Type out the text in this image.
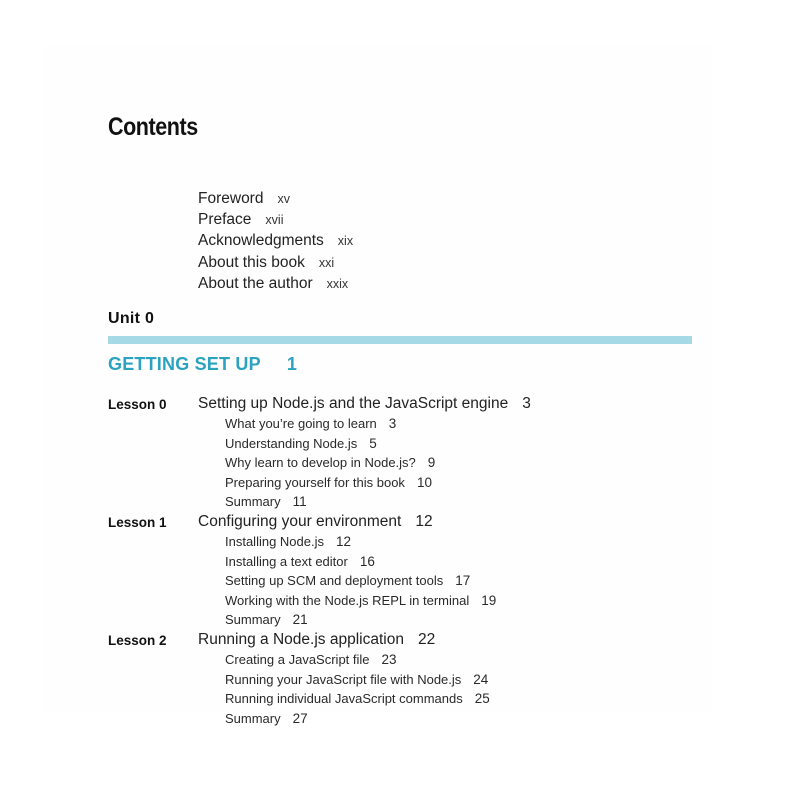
Contents
Foreword xv
Preface xvii
Acknowledgments xix
About this book xxi
About the author xxix
Unit 0
GETTING SET UP 1
Lesson 0 Setting up Node.js and the JavaScript engine 3
What you’re going to learn 3
Understanding Node.js 5
Why learn to develop in Node.js? 9
Preparing yourself for this book 10
Summary 11
Lesson 1 Configuring your environment 12
Installing Node.js 12
Installing a text editor 16
Setting up SCM and deployment tools 17
Working with the Node.js REPL in terminal 19
Summary 21
Lesson 2 Running a Node.js application 22
Creating a JavaScript file 23
Running your JavaScript file with Node.js 24
Running individual JavaScript commands 25
Summary 27
